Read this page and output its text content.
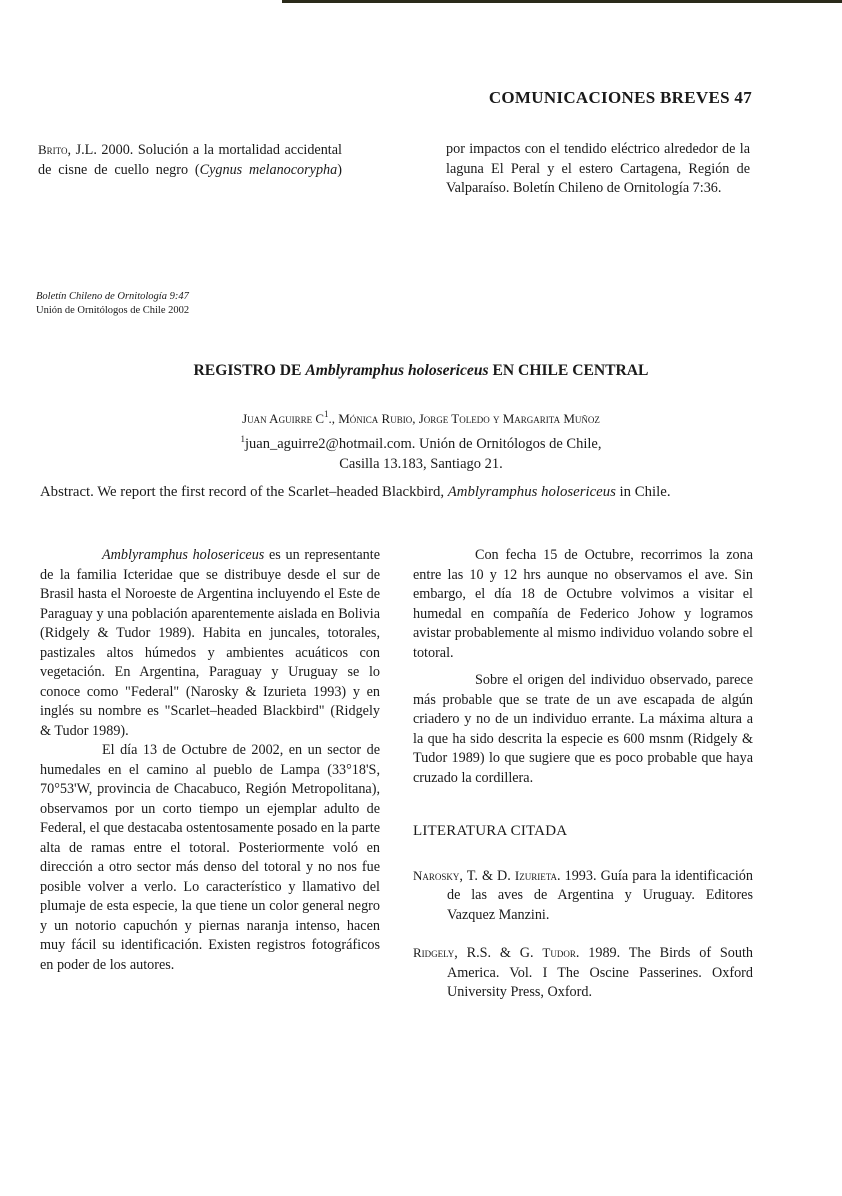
COMUNICACIONES BREVES 47
Brito, J.L. 2000. Solución a la mortalidad accidental de cisne de cuello negro (Cygnus melanocorypha) por impactos con el tendido eléctrico alrededor de la laguna El Peral y el estero Cartagena, Región de Valparaíso. Boletín Chileno de Ornitología 7:36.
Boletín Chileno de Ornitología 9:47
Unión de Ornitólogos de Chile 2002
REGISTRO DE Amblyramphus holosericeus EN CHILE CENTRAL
Juan Aguirre $C^1$., Mónica Rubio, Jorge Toledo y Margarita Muñoz
$^1$juan_aguirre2@hotmail.com. Unión de Ornitólogos de Chile,
Casilla 13.183, Santiago 21.
Abstract. We report the first record of the Scarlet–headed Blackbird, Amblyramphus holosericeus in Chile.

Amblyramphus holosericeus es un representante de la familia Icteridae que se distribuye desde el sur de Brasil hasta el Noroeste de Argentina incluyendo el Este de Paraguay y una población aparentemente aislada en Bolivia (Ridgely & Tudor 1989). Habita en juncales, totorales, pastizales altos húmedos y ambientes acuáticos con vegetación. En Argentina, Paraguay y Uruguay se lo conoce como "Federal" (Narosky & Izurieta 1993) y en inglés su nombre es "Scarlet–headed Blackbird" (Ridgely & Tudor 1989).

El día 13 de Octubre de 2002, en un sector de humedales en el camino al pueblo de Lampa (33°18'S, 70°53'W, provincia de Chacabuco, Región Metropolitana), observamos por un corto tiempo un ejemplar adulto de Federal, el que destacaba ostentosamente posado en la parte alta de ramas entre el totoral. Posteriormente voló en dirección a otro sector más denso del totoral y no nos fue posible volver a verlo. Lo característico y llamativo del plumaje de esta especie, la que tiene un color general negro y un notorio capuchón y piernas naranja intenso, hacen muy fácil su identificación. Existen registros fotográficos en poder de los autores.

Con fecha 15 de Octubre, recorrimos la zona entre las 10 y 12 hrs aunque no observamos el ave. Sin embargo, el día 18 de Octubre volvimos a visitar el humedal en compañía de Federico Johow y logramos avistar probablemente al mismo individuo volando sobre el totoral.

Sobre el origen del individuo observado, parece más probable que se trate de un ave escapada de algún criadero y no de un individuo errante. La máxima altura a la que ha sido descrita la especie es 600 msnm (Ridgely & Tudor 1989) lo que sugiere que es poco probable que haya cruzado la cordillera.

LITERATURA CITADA

Narosky, T. & D. Izurieta. 1993. Guía para la identificación de las aves de Argentina y Uruguay. Editores Vazquez Manzini.

Ridgely, R.S. & G. Tudor. 1989. The Birds of South America. Vol. I The Oscine Passerines. Oxford University Press, Oxford.
